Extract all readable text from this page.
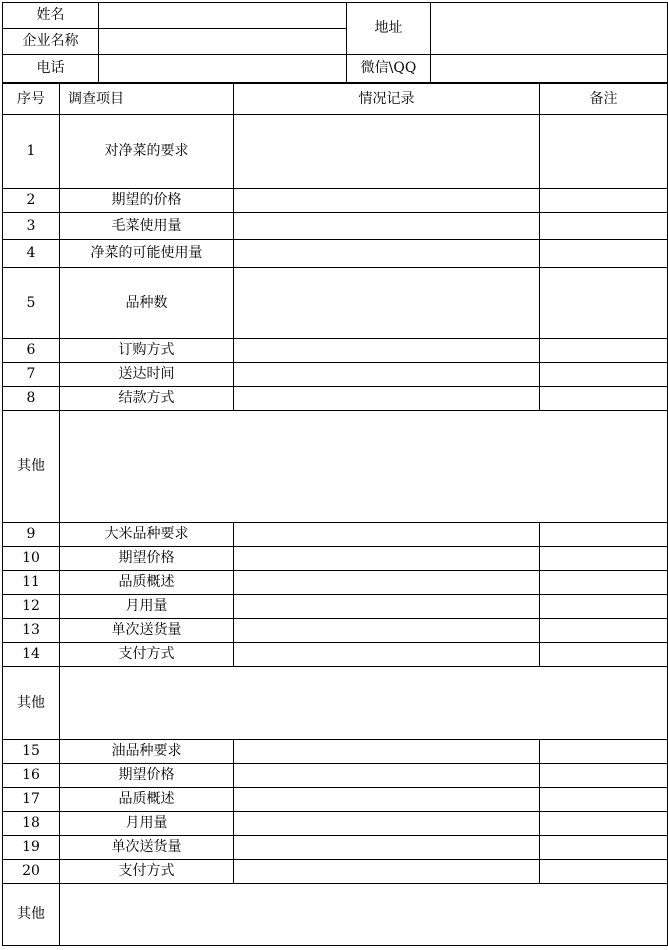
姓名		地址	
企业名称			
电话		微信\QQ	
序号	调查项目	情况记录	备注
1	对净菜的要求		
2	期望的价格		
3	毛菜使用量		
4	净菜的可能使用量		
5	品种数		
6	订购方式		
7	送达时间		
8	结款方式		
其他			
9	大米品种要求		
10	期望价格		
11	品质概述		
12	月用量		
13	单次送货量		
14	支付方式		
其他			
15	油品种要求		
16	期望价格		
17	品质概述		
18	月用量		
19	单次送货量		
20	支付方式		
其他			
